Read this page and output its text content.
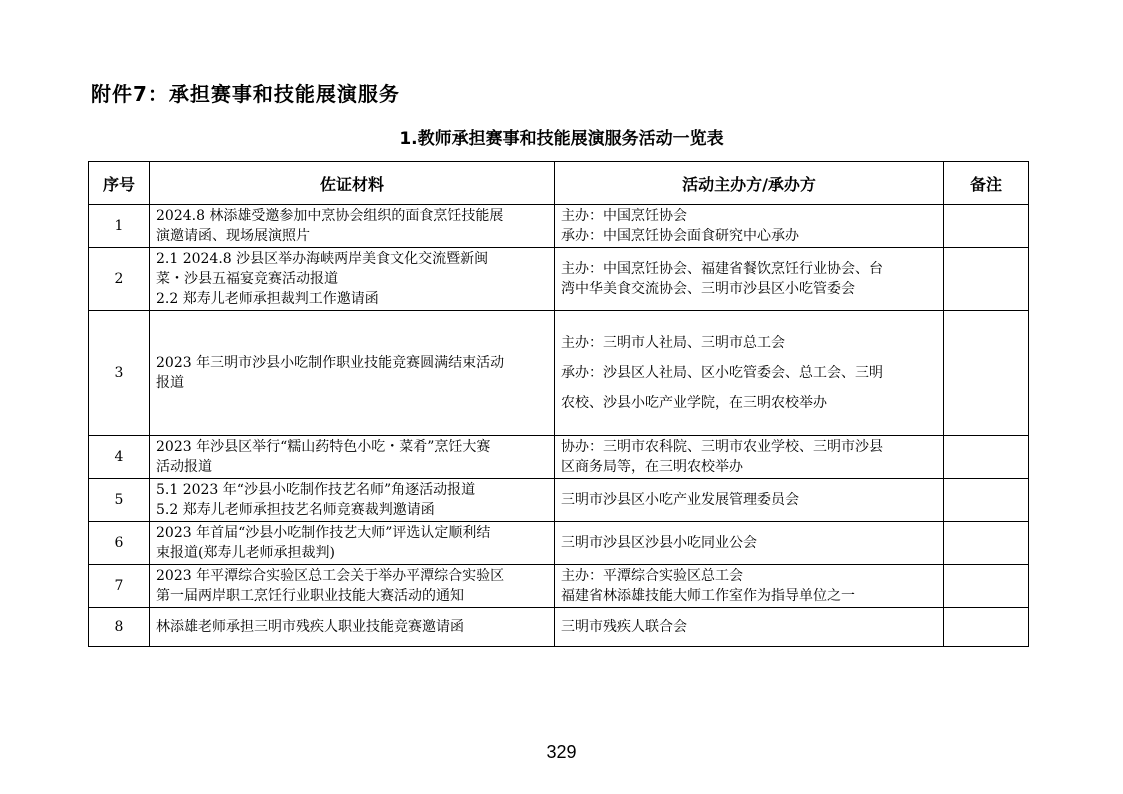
附件7：承担赛事和技能展演服务
1.教师承担赛事和技能展演服务活动一览表
序号	佐证材料	活动主办方/承办方	备注
1	2024.8 林添雄受邀参加中烹协会组织的面食烹饪技能展
演邀请函、现场展演照片	主办：中国烹饪协会
承办：中国烹饪协会面食研究中心承办	

2	2.1 2024.8 沙县区举办海峡两岸美食文化交流暨新闽
菜・沙县五福宴竞赛活动报道
2.2 郑寿儿老师承担裁判工作邀请函	主办：中国烹饪协会、福建省餐饮烹饪行业协会、台
湾中华美食交流协会、三明市沙县区小吃管委会	

3	2023 年三明市沙县小吃制作职业技能竞赛圆满结束活动
报道	主办：三明市人社局、三明市总工会
承办：沙县区人社局、区小吃管委会、总工会、三明
农校、沙县小吃产业学院，在三明农校举办	

4	2023 年沙县区举行“糯山药特色小吃・菜肴”烹饪大赛
活动报道	协办：三明市农科院、三明市农业学校、三明市沙县
区商务局等，在三明农校举办	

5	5.1 2023 年“沙县小吃制作技艺名师”角逐活动报道
5.2 郑寿儿老师承担技艺名师竞赛裁判邀请函	三明市沙县区小吃产业发展管理委员会	

6	2023 年首届“沙县小吃制作技艺大师”评选认定顺利结
束报道(郑寿儿老师承担裁判)	三明市沙县区沙县小吃同业公会	

7	2023 年平潭综合实验区总工会关于举办平潭综合实验区
第一届两岸职工烹饪行业职业技能大赛活动的通知	主办：平潭综合实验区总工会
福建省林添雄技能大师工作室作为指导单位之一	

8	林添雄老师承担三明市残疾人职业技能竞赛邀请函	三明市残疾人联合会	

329
